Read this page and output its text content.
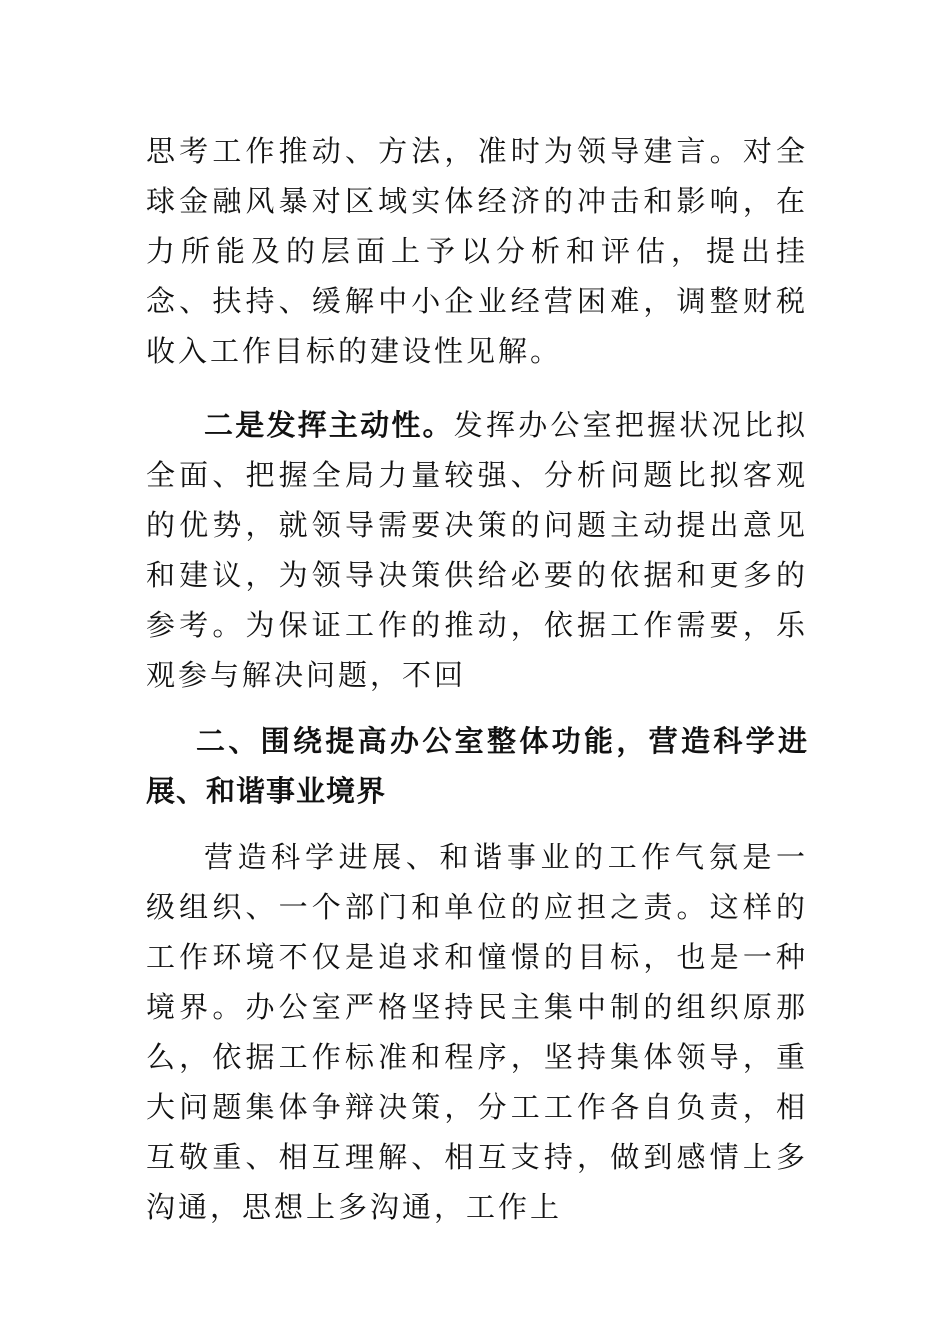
思考工作推动、方法，准时为领导建言。对全球金融风暴对区域实体经济的冲击和影响，在力所能及的层面上予以分析和评估，提出挂念、扶持、缓解中小企业经营困难，调整财税收入工作目标的建设性见解。

二是发挥主动性。发挥办公室把握状况比拟全面、把握全局力量较强、分析问题比拟客观的优势，就领导需要决策的问题主动提出意见和建议，为领导决策供给必要的依据和更多的参考。为保证工作的推动，依据工作需要，乐观参与解决问题，不回

二、围绕提高办公室整体功能，营造科学进展、和谐事业境界

营造科学进展、和谐事业的工作气氛是一级组织、一个部门和单位的应担之责。这样的工作环境不仅是追求和憧憬的目标，也是一种境界。办公室严格坚持民主集中制的组织原那么，依据工作标准和程序，坚持集体领导，重大问题集体争辩决策，分工工作各自负责，相互敬重、相互理解、相互支持，做到感情上多沟通，思想上多沟通，工作上
